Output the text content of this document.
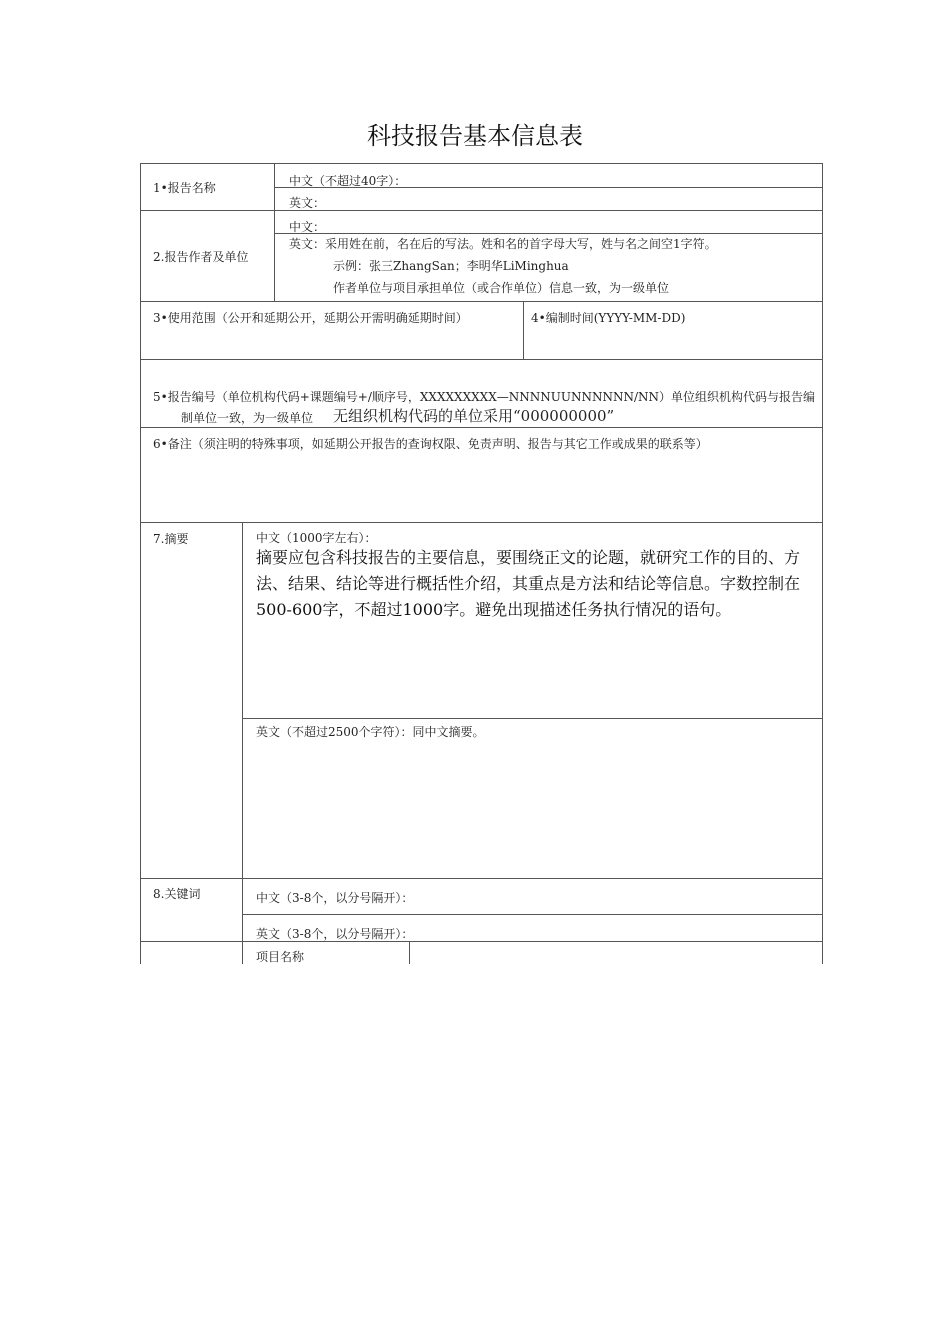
科技报告基本信息表
1•报告名称	中文（不超过40字）：
英文：
2.报告作者及单位
中文：
英文：采用姓在前，名在后的写法。姓和名的首字母大写，姓与名之间空1字符。
示例：张三ZhangSan；李明华LiMinghua
作者单位与项目承担单位（或合作单位）信息一致，为一级单位
3•使用范围（公开和延期公开，延期公开需明确延期时间）	4•编制时间(YYYY-MM-DD)
5•报告编号（单位机构代码+课题编号+/顺序号，XXXXXXXXX—NNNNUUNNNNNN/NN）单位组织机构代码与报告编
制单位一致，为一级单位 无组织机构代码的单位采用“000000000”
6•备注（须注明的特殊事项，如延期公开报告的查询权限、免责声明、报告与其它工作或成果的联系等）
7.摘要	中文（1000字左右）：
摘要应包含科技报告的主要信息，要围绕正文的论题，就研究工作的目的、方法、结果、结论等进行概括性介绍，其重点是方法和结论等信息。字数控制在500-600字，不超过1000字。避免出现描述任务执行情况的语句。
英文（不超过2500个字符）：同中文摘要。
8.关键词	中文（3-8个，以分号隔开）：
英文（3-8个，以分号隔开）：
项目名称
